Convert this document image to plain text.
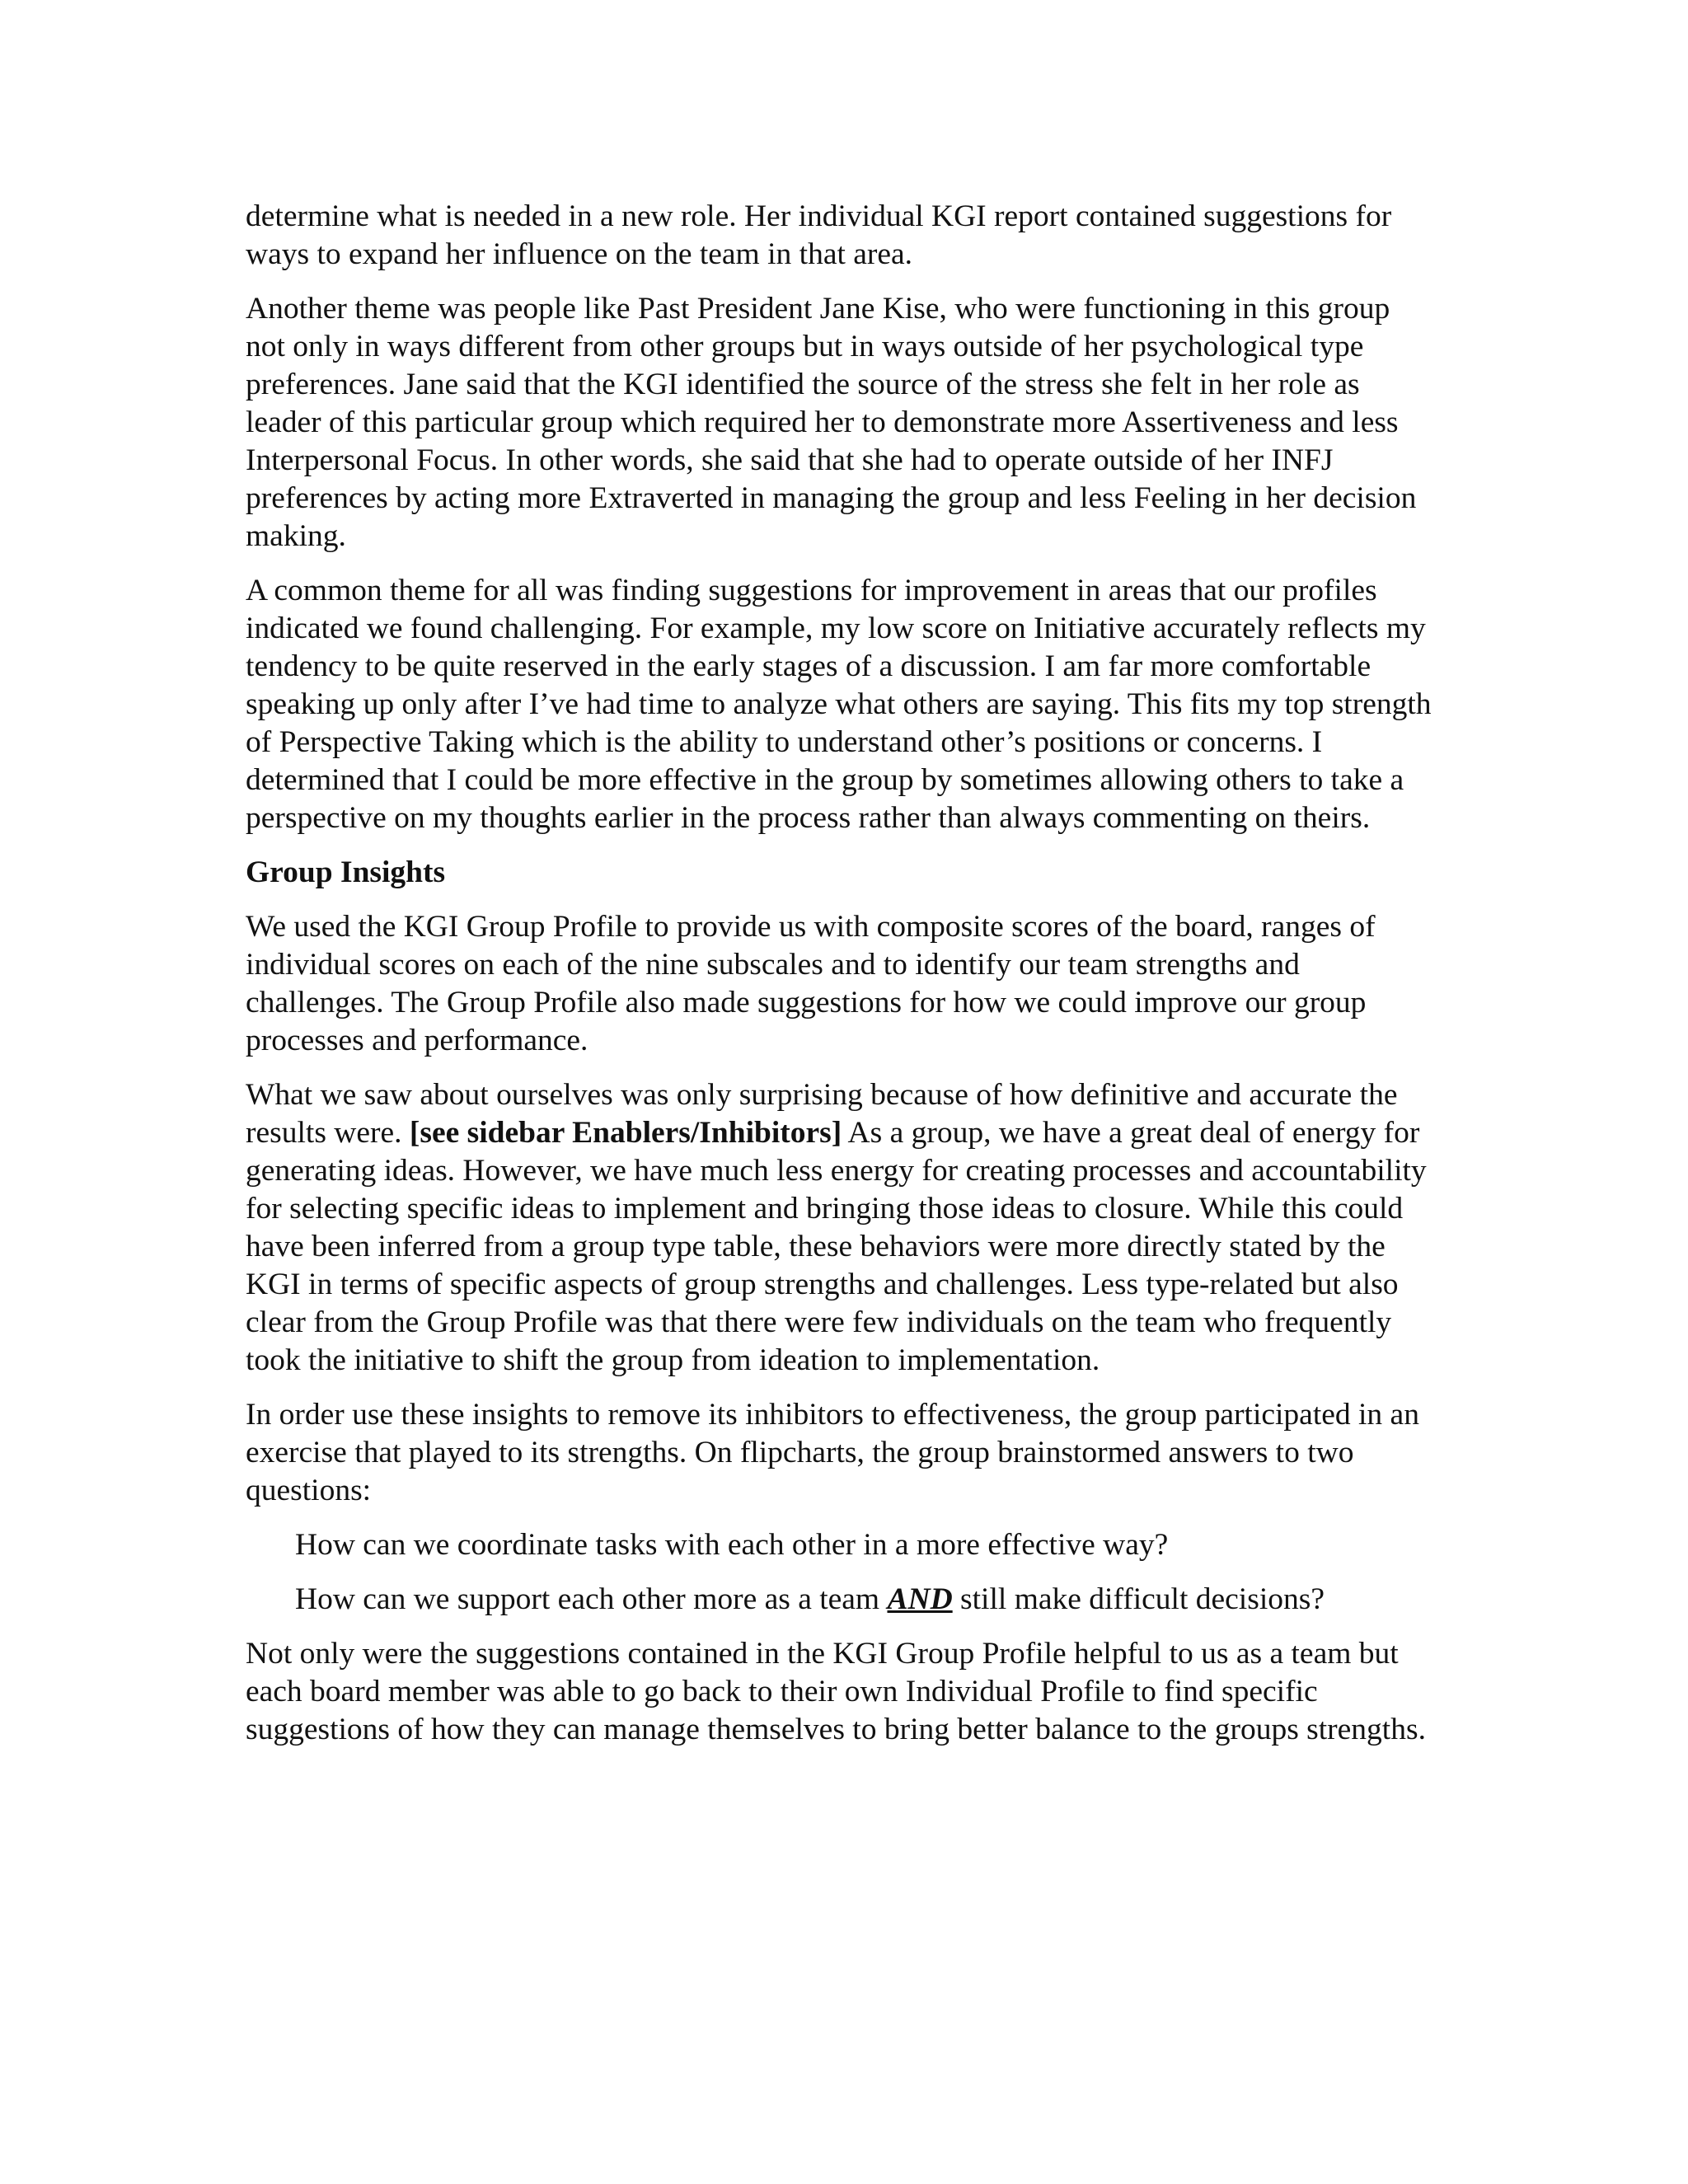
determine what is needed in a new role. Her individual KGI report contained suggestions for ways to expand her influence on the team in that area.

Another theme was people like Past President Jane Kise, who were functioning in this group not only in ways different from other groups but in ways outside of her psychological type preferences. Jane said that the KGI identified the source of the stress she felt in her role as leader of this particular group which required her to demonstrate more Assertiveness and less Interpersonal Focus. In other words, she said that she had to operate outside of her INFJ preferences by acting more Extraverted in managing the group and less Feeling in her decision making.

A common theme for all was finding suggestions for improvement in areas that our profiles indicated we found challenging. For example, my low score on Initiative accurately reflects my tendency to be quite reserved in the early stages of a discussion. I am far more comfortable speaking up only after I’ve had time to analyze what others are saying. This fits my top strength of Perspective Taking which is the ability to understand other’s positions or concerns. I determined that I could be more effective in the group by sometimes allowing others to take a perspective on my thoughts earlier in the process rather than always commenting on theirs.

Group Insights

We used the KGI Group Profile to provide us with composite scores of the board, ranges of individual scores on each of the nine subscales and to identify our team strengths and challenges. The Group Profile also made suggestions for how we could improve our group processes and performance.

What we saw about ourselves was only surprising because of how definitive and accurate the results were. [see sidebar Enablers/Inhibitors] As a group, we have a great deal of energy for generating ideas. However, we have much less energy for creating processes and accountability for selecting specific ideas to implement and bringing those ideas to closure. While this could have been inferred from a group type table, these behaviors were more directly stated by the KGI in terms of specific aspects of group strengths and challenges. Less type-related but also clear from the Group Profile was that there were few individuals on the team who frequently took the initiative to shift the group from ideation to implementation.

In order use these insights to remove its inhibitors to effectiveness, the group participated in an exercise that played to its strengths. On flipcharts, the group brainstormed answers to two questions:

How can we coordinate tasks with each other in a more effective way?
How can we support each other more as a team AND still make difficult decisions?

Not only were the suggestions contained in the KGI Group Profile helpful to us as a team but each board member was able to go back to their own Individual Profile to find specific suggestions of how they can manage themselves to bring better balance to the groups strengths.
